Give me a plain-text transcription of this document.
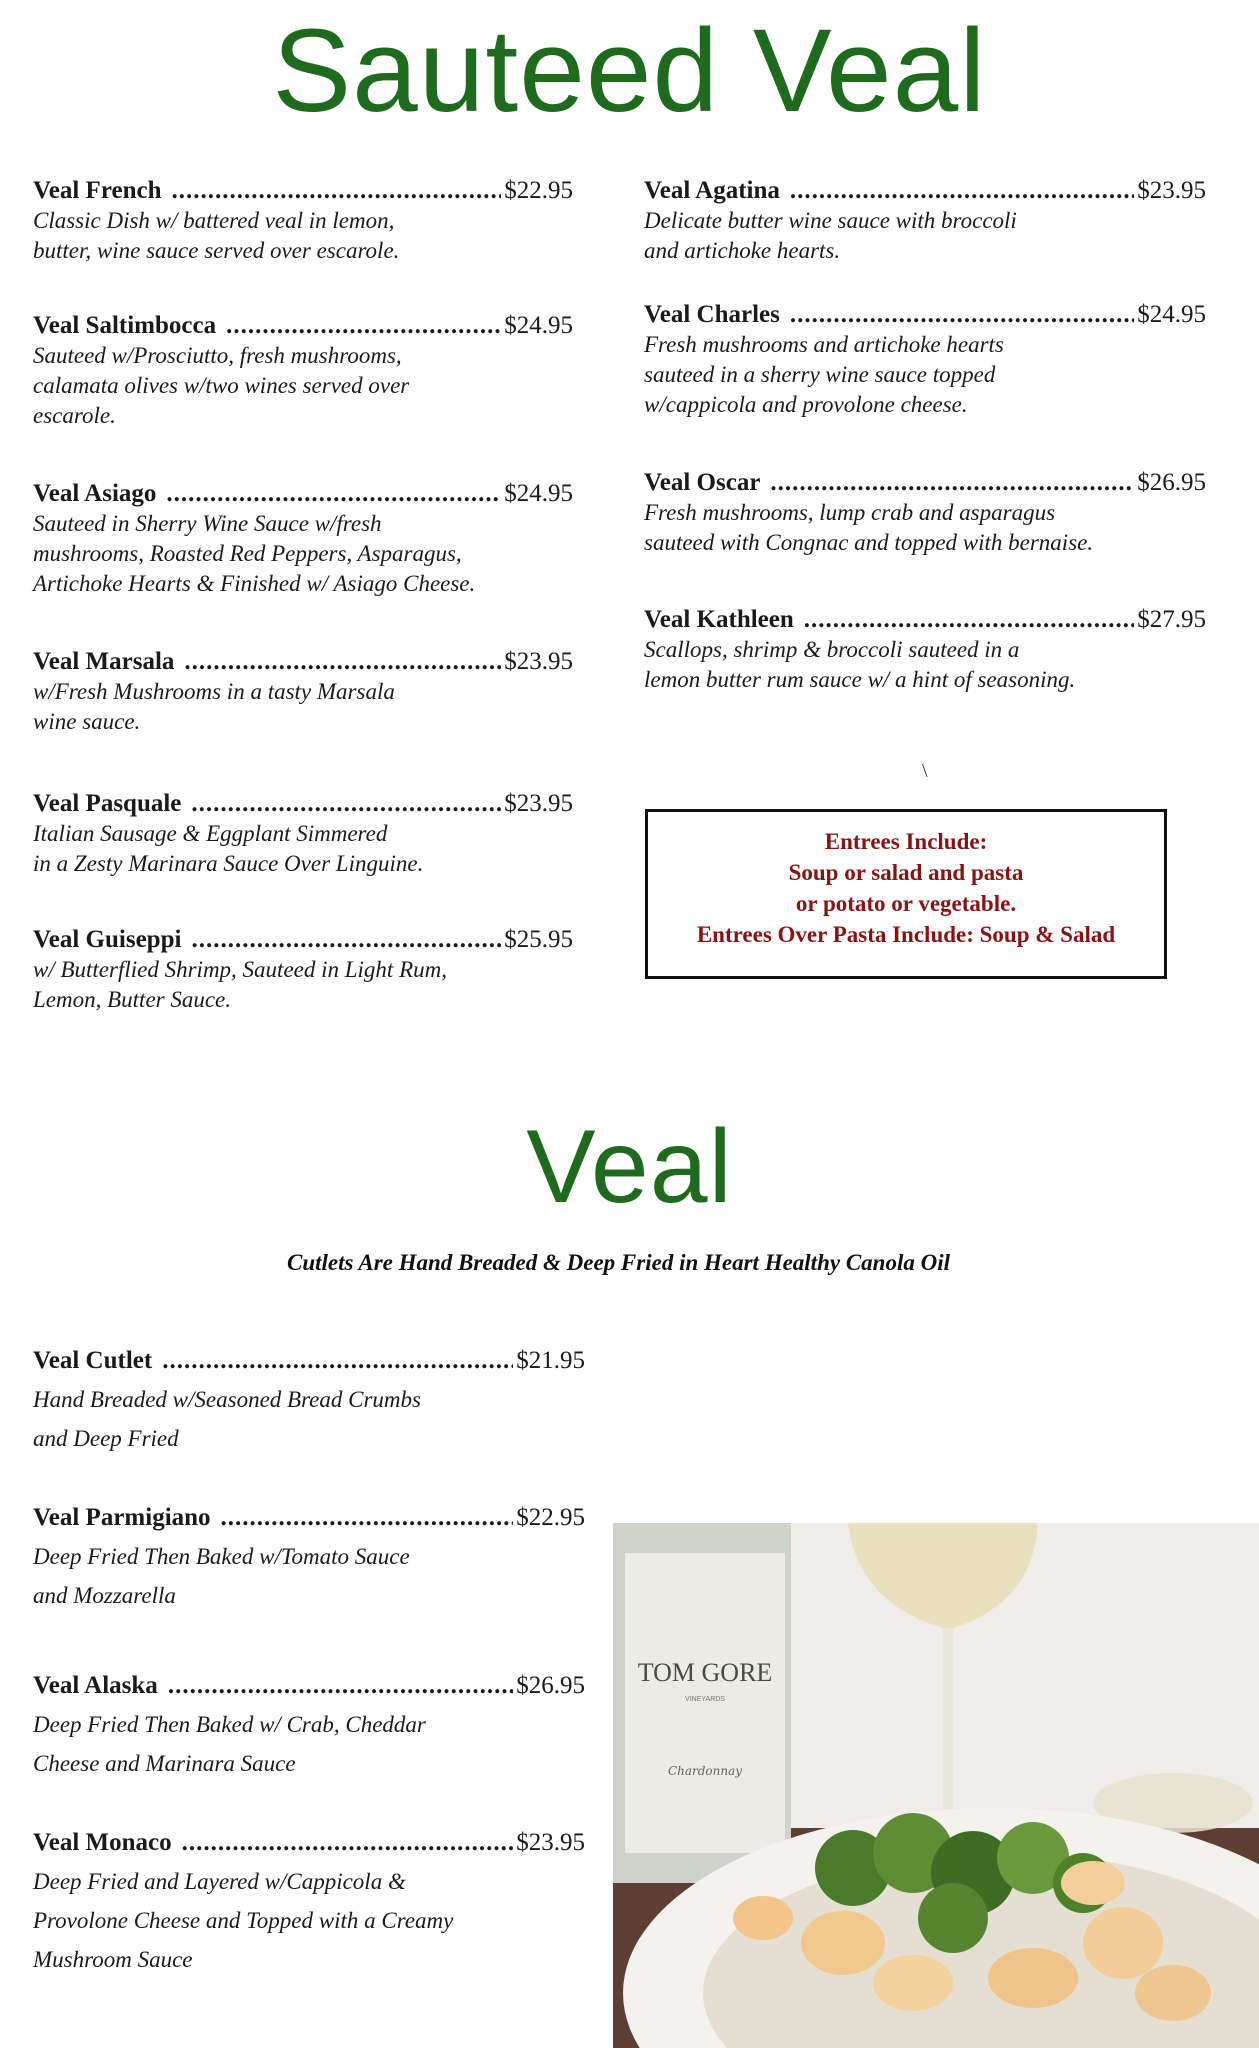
Sauteed Veal
Veal French .....	$22.95
Classic Dish w/ battered veal in lemon,
butter, wine sauce served over escarole.
Veal Saltimbocca .....	$24.95
Sauteed w/Prosciutto, fresh mushrooms,
calamata olives w/two wines served over
escarole.
Veal Asiago .....	$24.95
Sauteed in Sherry Wine Sauce w/fresh
mushrooms, Roasted Red Peppers, Asparagus,
Artichoke Hearts & Finished w/ Asiago Cheese.
Veal Marsala .....	$23.95
w/Fresh Mushrooms in a tasty Marsala
wine sauce.
Veal Pasquale .....	$23.95
Italian Sausage & Eggplant Simmered
in a Zesty Marinara Sauce Over Linguine.
Veal Guiseppi .....	$25.95
w/ Butterflied Shrimp, Sauteed in Light Rum,
Lemon, Butter Sauce.
Veal Agatina .....	$23.95
Delicate butter wine sauce with broccoli
and artichoke hearts.
Veal Charles .....	$24.95
Fresh mushrooms and artichoke hearts
sauteed in a sherry wine sauce topped
w/cappicola and provolone cheese.
Veal Oscar .....	$26.95
Fresh mushrooms, lump crab and asparagus
sauteed with Congnac and topped with bernaise.
Veal Kathleen .....	$27.95
Scallops, shrimp & broccoli sauteed in a
lemon butter rum sauce w/ a hint of seasoning.
\
Entrees Include:
Soup or salad and pasta
or potato or vegetable.
Entrees Over Pasta Include: Soup & Salad
Veal
Cutlets Are Hand Breaded & Deep Fried in Heart Healthy Canola Oil
Veal Cutlet .....	$21.95
Hand Breaded w/Seasoned Bread Crumbs
and Deep Fried
Veal Parmigiano .....	$22.95
Deep Fried Then Baked w/Tomato Sauce
and Mozzarella
Veal Alaska .....	$26.95
Deep Fried Then Baked w/ Crab, Cheddar
Cheese and Marinara Sauce
Veal Monaco .....	$23.95
Deep Fried and Layered w/Cappicola &
Provolone Cheese and Topped with a Creamy
Mushroom Sauce
TOM GORE
VINEYARDS
Chardonnay
